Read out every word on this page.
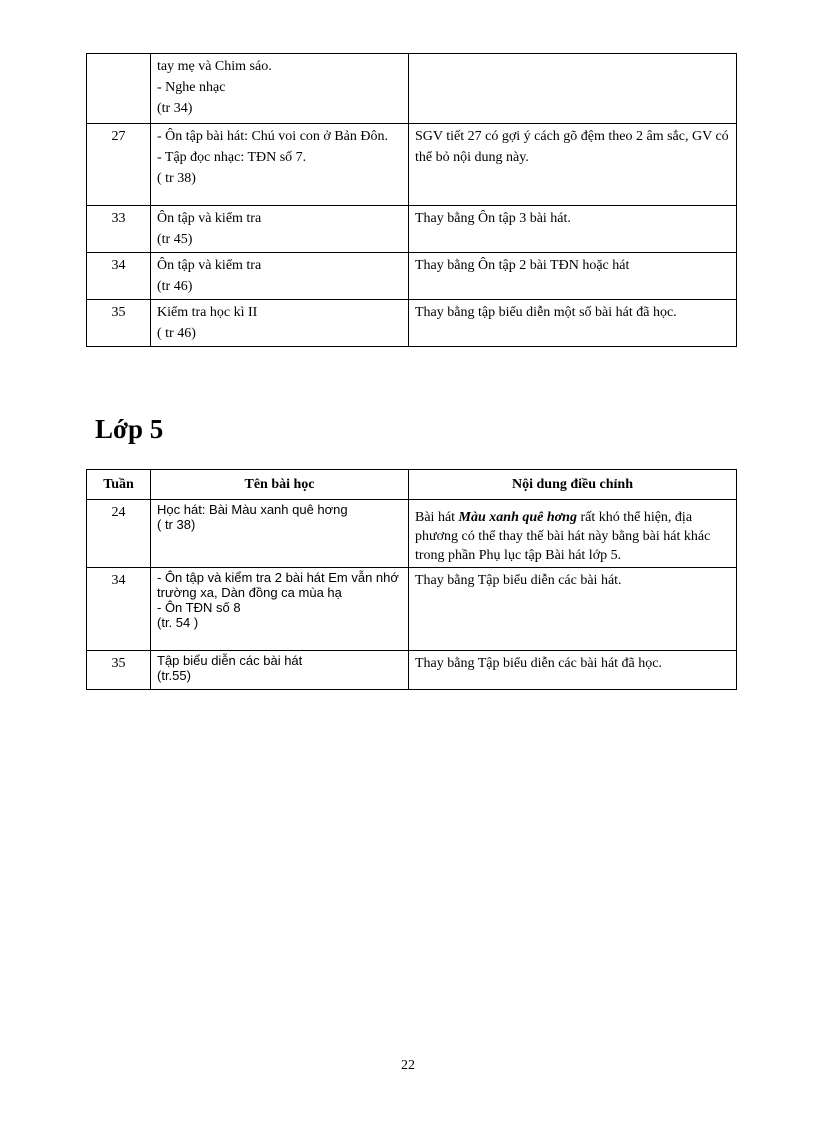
	tay mẹ và Chim sáo.
- Nghe nhạc
(tr 34)	

27	- Ôn tập bài hát: Chú voi con ở Bản Đôn.
- Tập đọc nhạc: TĐN số 7.
( tr 38)	SGV tiết 27 có gợi ý cách gõ đệm theo 2 âm sắc, GV có thể bỏ nội dung này.
33	Ôn tập và kiểm tra
(tr 45)	Thay bằng Ôn tập 3 bài hát.
34	Ôn tập và kiểm tra
(tr 46)	Thay bằng Ôn tập 2 bài TĐN hoặc hát
35	Kiểm tra học kì II
( tr 46)	Thay bằng tập biểu diễn một số bài hát đã học.
Lớp 5
Tuần	Tên bài học	Nội dung điều chỉnh
24	Học hát: Bài Màu xanh quê hơng
( tr 38)	Bài hát Màu xanh quê hơng rất khó thể hiện, địa phương có thể thay thế bài hát này bằng bài hát khác trong phần Phụ lục tập Bài hát lớp 5.
34	- Ôn tập và kiểm tra 2 bài hát Em vẫn nhớ trường xa, Dàn đồng ca mùa hạ
- Ôn TĐN số 8
(tr. 54 )	Thay bằng Tập biểu diễn các bài hát.
35	Tập biểu diễn các bài hát
(tr.55)	Thay bằng Tập biểu diễn các bài hát đã học.
22
